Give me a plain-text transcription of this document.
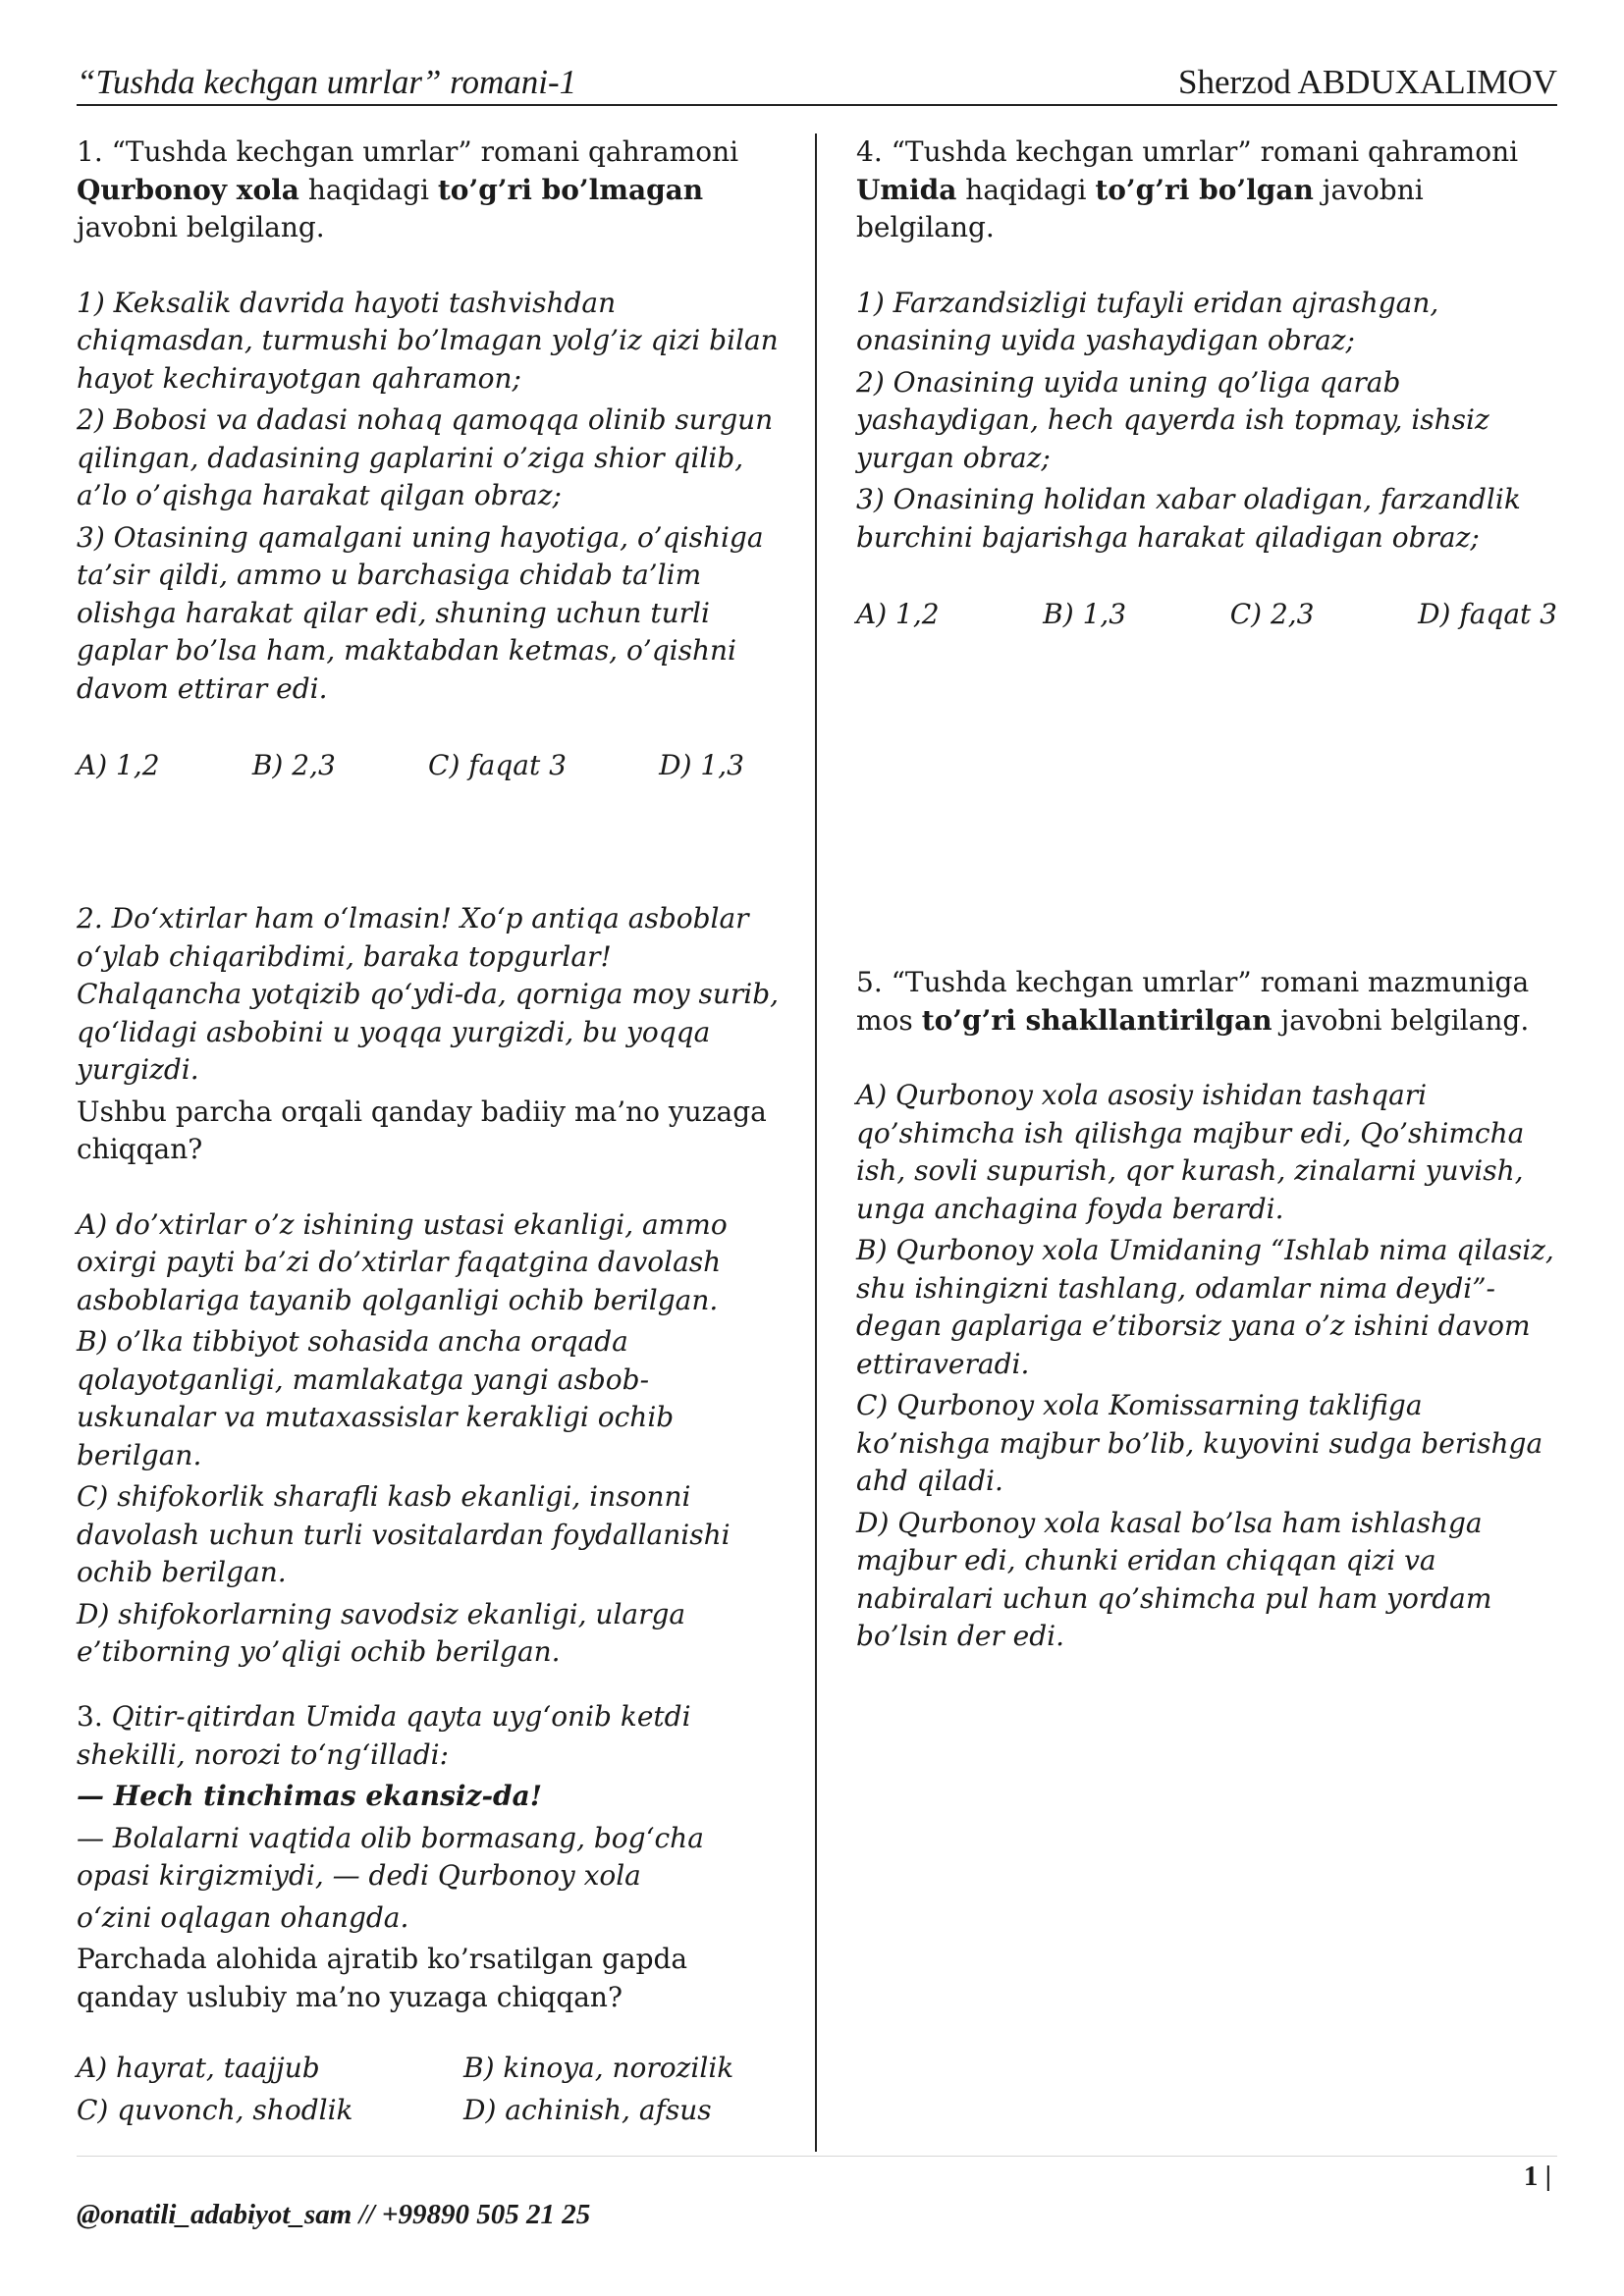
“Tushda kechgan umrlar” romani-1	Sherzod ABDUXALIMOV

1. “Tushda kechgan umrlar” romani qahramoni Qurbonoy xola haqidagi to’g’ri bo’lmagan javobni belgilang.

1) Keksalik davrida hayoti tashvishdan chiqmasdan, turmushi bo’lmagan yolg’iz qizi bilan hayot kechirayotgan qahramon;

2) Bobosi va dadasi nohaq qamoqqa olinib surgun qilingan, dadasining gaplarini o’ziga shior qilib, a’lo o’qishga harakat qilgan obraz;

3) Otasining qamalgani uning hayotiga, o’qishiga ta’sir qildi, ammo u barchasiga chidab ta’lim olishga harakat qilar edi, shuning uchun turli gaplar bo’lsa ham, maktabdan ketmas, o’qishni davom ettirar edi.

A) 1,2	B) 2,3	C) faqat 3	D) 1,3

2. Do‘xtirlar ham o‘lmasin! Xo‘p antiqa asboblar o‘ylab chiqaribdimi, baraka topgurlar! Chalqancha yotqizib qo‘ydi-da, qorniga moy surib, qo‘lidagi asbobini u yoqqa yurgizdi, bu yoqqa yurgizdi.

Ushbu parcha orqali qanday badiiy ma’no yuzaga chiqqan?

A) do’xtirlar o’z ishining ustasi ekanligi, ammo oxirgi payti ba’zi do’xtirlar faqatgina davolash asboblariga tayanib qolganligi ochib berilgan.

B) o’lka tibbiyot sohasida ancha orqada qolayotganligi, mamlakatga yangi asbob-uskunalar va mutaxassislar kerakligi ochib berilgan.

C) shifokorlik sharafli kasb ekanligi, insonni davolash uchun turli vositalardan foydallanishi ochib berilgan.

D) shifokorlarning savodsiz ekanligi, ularga e’tiborning yo’qligi ochib berilgan.

3. Qitir-qitirdan Umida qayta uyg‘onib ketdi shekilli, norozi to‘ng‘illadi:

— Hech tinchimas ekansiz-da!

— Bolalarni vaqtida olib bormasang, bog‘cha opasi kirgizmiydi, — dedi Qurbonoy xola

o‘zini oqlagan ohangda.

Parchada alohida ajratib ko’rsatilgan gapda qanday uslubiy ma’no yuzaga chiqqan?

A) hayrat, taajjub	B) kinoya, norozilik
C) quvonch, shodlik	D) achinish, afsus

4. “Tushda kechgan umrlar” romani qahramoni Umida haqidagi to’g’ri bo’lgan javobni belgilang.

1) Farzandsizligi tufayli eridan ajrashgan, onasining uyida yashaydigan obraz;

2) Onasining uyida uning qo’liga qarab yashaydigan, hech qayerda ish topmay, ishsiz yurgan obraz;

3) Onasining holidan xabar oladigan, farzandlik burchini bajarishga harakat qiladigan obraz;

A) 1,2	B) 1,3	C) 2,3	D) faqat 3

5. “Tushda kechgan umrlar” romani mazmuniga mos to’g’ri shakllantirilgan javobni belgilang.

A) Qurbonoy xola asosiy ishidan tashqari qo’shimcha ish qilishga majbur edi, Qo’shimcha ish, sovli supurish, qor kurash, zinalarni yuvish, unga anchagina foyda berardi.

B) Qurbonoy xola Umidaning “Ishlab nima qilasiz, shu ishingizni tashlang, odamlar nima deydi”- degan gaplariga e’tiborsiz yana o’z ishini davom ettiraveradi.

C) Qurbonoy xola Komissarning taklifiga ko’nishga majbur bo’lib, kuyovini sudga berishga ahd qiladi.

D) Qurbonoy xola kasal bo’lsa ham ishlashga majbur edi, chunki eridan chiqqan qizi va nabiralari uchun qo’shimcha pul ham yordam bo’lsin der edi.

1 |
@onatili_adabiyot_sam // +99890 505 21 25
